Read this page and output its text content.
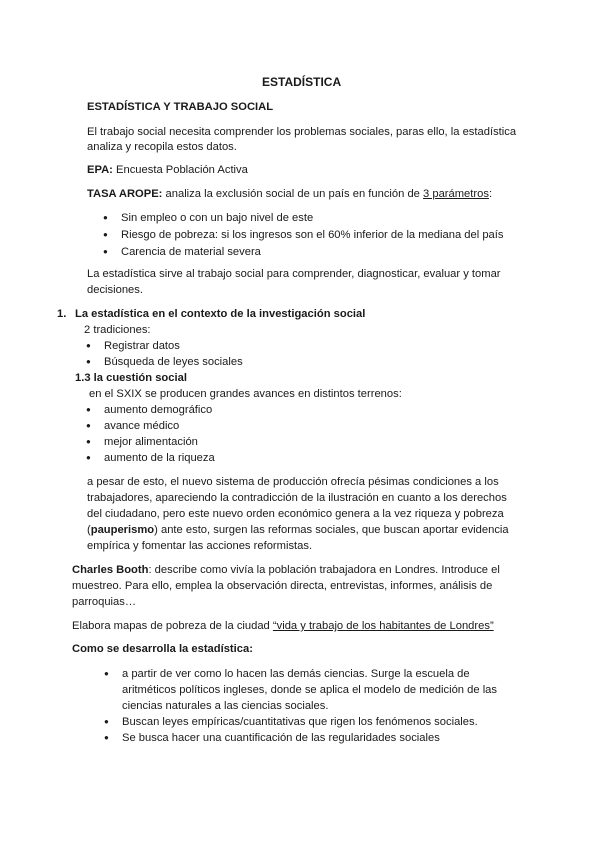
ESTADÍSTICA
ESTADÍSTICA Y TRABAJO SOCIAL
El trabajo social necesita comprender los problemas sociales, paras ello, la estadística
analiza y recopila estos datos.
EPA: Encuesta Población Activa
TASA AROPE: analiza la exclusión social de un país en función de 3 parámetros:
● Sin empleo o con un bajo nivel de este
● Riesgo de pobreza: si los ingresos son el 60% inferior de la mediana del país
● Carencia de material severa
La estadística sirve al trabajo social para comprender, diagnosticar, evaluar y tomar
decisiones.
1. La estadística en el contexto de la investigación social
2 tradiciones:
● Registrar datos
● Búsqueda de leyes sociales
1.3 la cuestión social
en el SXIX se producen grandes avances en distintos terrenos:
● aumento demográfico
● avance médico
● mejor alimentación
● aumento de la riqueza
a pesar de esto, el nuevo sistema de producción ofrecía pésimas condiciones a los
trabajadores, apareciendo la contradicción de la ilustración en cuanto a los derechos
del ciudadano, pero este nuevo orden económico genera a la vez riqueza y pobreza
(pauperismo) ante esto, surgen las reformas sociales, que buscan aportar evidencia
empírica y fomentar las acciones reformistas.
Charles Booth: describe como vivía la población trabajadora en Londres. Introduce el
muestreo. Para ello, emplea la observación directa, entrevistas, informes, análisis de
parroquias…
Elabora mapas de pobreza de la ciudad “vida y trabajo de los habitantes de Londres”
Como se desarrolla la estadística:
● a partir de ver como lo hacen las demás ciencias. Surge la escuela de
aritméticos políticos ingleses, donde se aplica el modelo de medición de las
ciencias naturales a las ciencias sociales.
● Buscan leyes empíricas/cuantitativas que rigen los fenómenos sociales.
● Se busca hacer una cuantificación de las regularidades sociales
